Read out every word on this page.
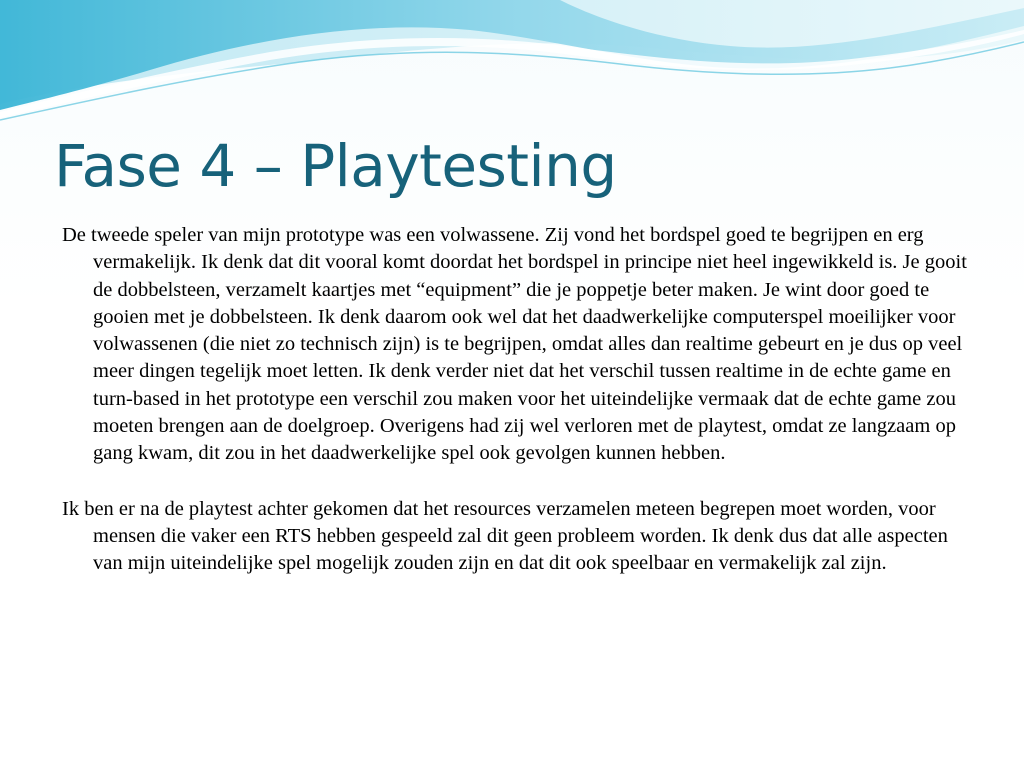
Fase 4 – Playtesting

De tweede speler van mijn prototype was een volwassene. Zij vond het bordspel goed te begrijpen en erg vermakelijk. Ik denk dat dit vooral komt doordat het bordspel in principe niet heel ingewikkeld is. Je gooit de dobbelsteen, verzamelt kaartjes met “equipment” die je poppetje beter maken. Je wint door goed te gooien met je dobbelsteen. Ik denk daarom ook wel dat het daadwerkelijke computerspel moeilijker voor volwassenen (die niet zo technisch zijn) is te begrijpen, omdat alles dan realtime gebeurt en je dus op veel meer dingen tegelijk moet letten. Ik denk verder niet dat het verschil tussen realtime in de echte game en turn-based in het prototype een verschil zou maken voor het uiteindelijke vermaak dat de echte game zou moeten brengen aan de doelgroep. Overigens had zij wel verloren met de playtest, omdat ze langzaam op gang kwam, dit zou in het daadwerkelijke spel ook gevolgen kunnen hebben.

Ik ben er na de playtest achter gekomen dat het resources verzamelen meteen begrepen moet worden, voor mensen die vaker een RTS hebben gespeeld zal dit geen probleem worden. Ik denk dus dat alle aspecten van mijn uiteindelijke spel mogelijk zouden zijn en dat dit ook speelbaar en vermakelijk zal zijn.
